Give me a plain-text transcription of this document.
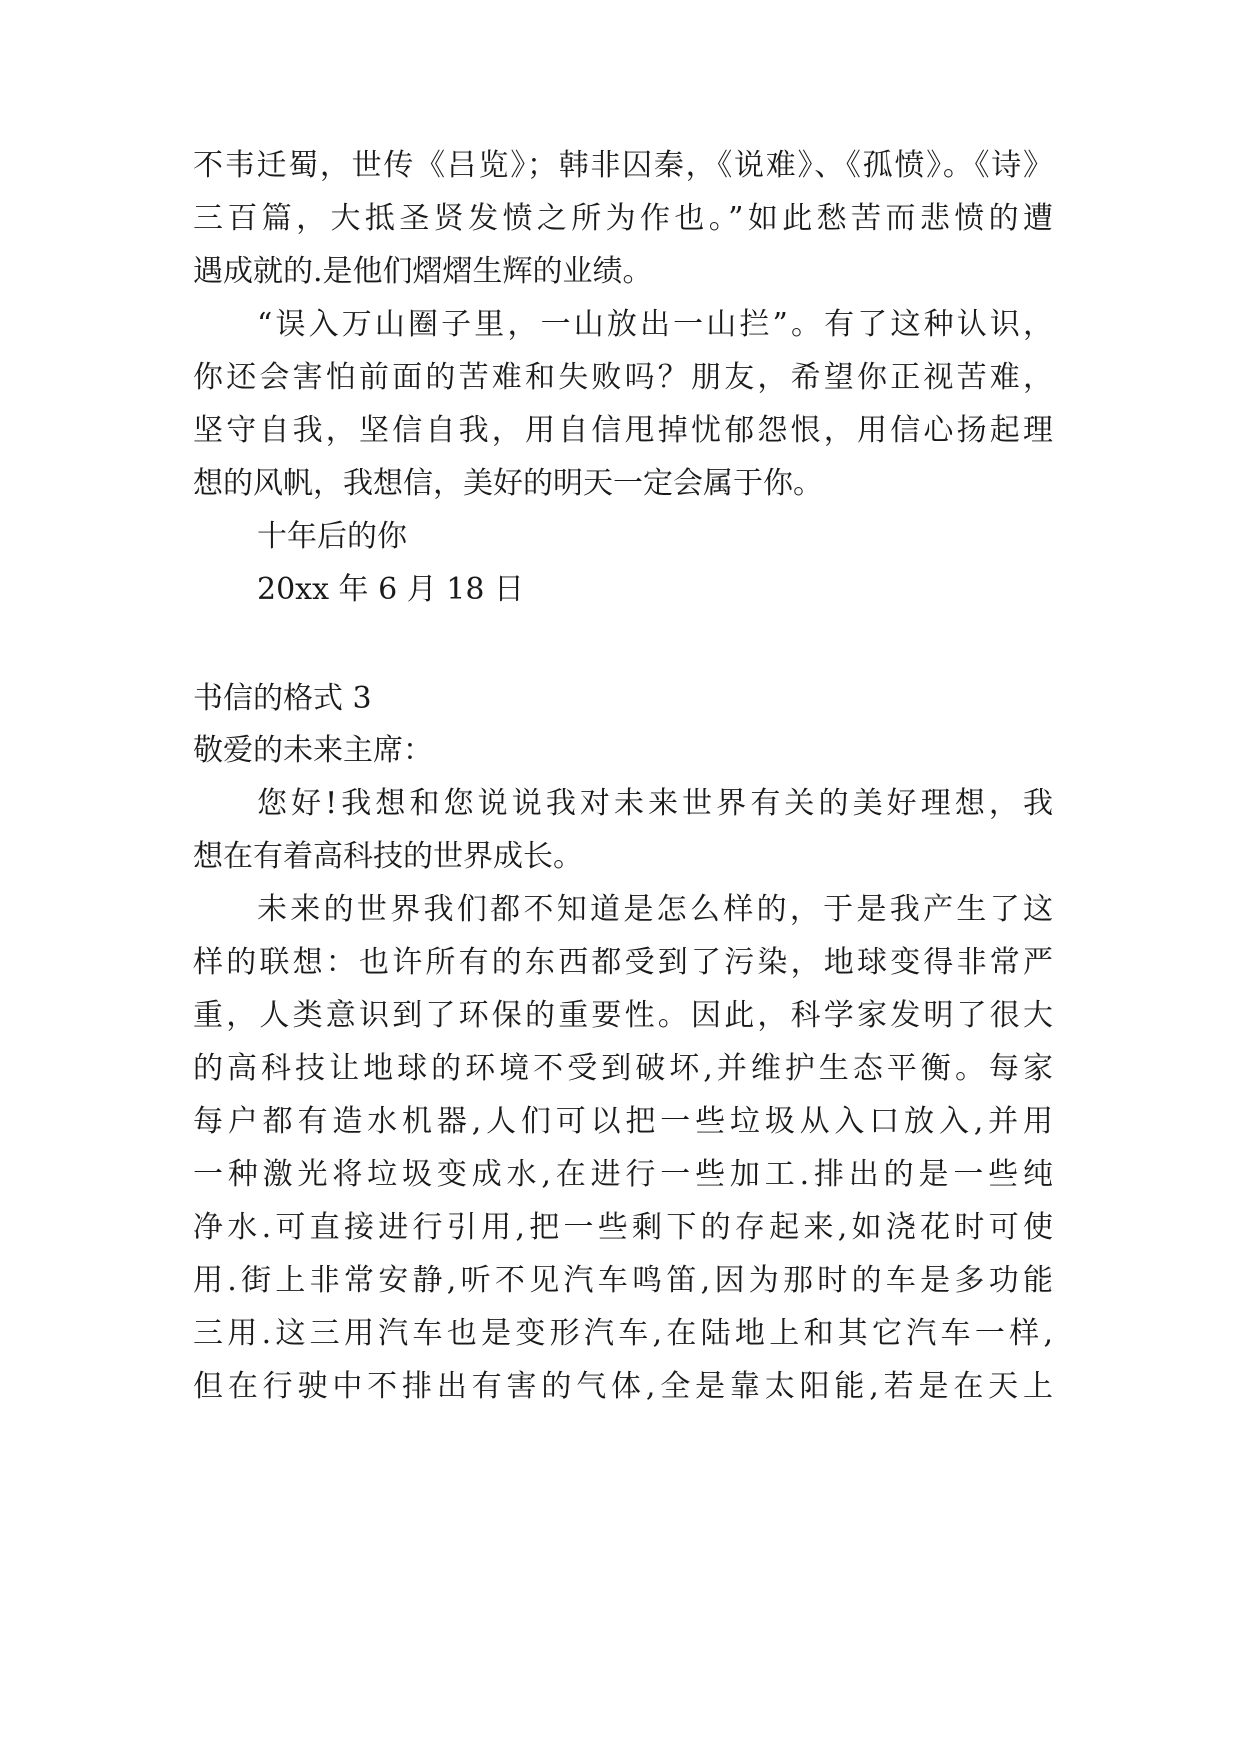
不韦迁蜀，世传《吕览》；韩非囚秦，《说难》、《孤愤》。《诗》
三百篇，大抵圣贤发愤之所为作也。”如此愁苦而悲愤的遭
遇成就的.是他们熠熠生辉的业绩。
“误入万山圈子里，一山放出一山拦”。有了这种认识，
你还会害怕前面的苦难和失败吗？朋友，希望你正视苦难，
坚守自我，坚信自我，用自信甩掉忧郁怨恨，用信心扬起理
想的风帆，我想信，美好的明天一定会属于你。
十年后的你
20xx 年 6 月 18 日
书信的格式 3
敬爱的未来主席：
您好!我想和您说说我对未来世界有关的美好理想，我
想在有着高科技的世界成长。
未来的世界我们都不知道是怎么样的，于是我产生了这
样的联想：也许所有的东西都受到了污染，地球变得非常严
重，人类意识到了环保的重要性。因此，科学家发明了很大
的高科技让地球的环境不受到破坏,并维护生态平衡。每家
每户都有造水机器,人们可以把一些垃圾从入口放入,并用
一种激光将垃圾变成水,在进行一些加工.排出的是一些纯
净水.可直接进行引用,把一些剩下的存起来,如浇花时可使
用.街上非常安静,听不见汽车鸣笛,因为那时的车是多功能
三用.这三用汽车也是变形汽车,在陆地上和其它汽车一样,
但在行驶中不排出有害的气体,全是靠太阳能,若是在天上
